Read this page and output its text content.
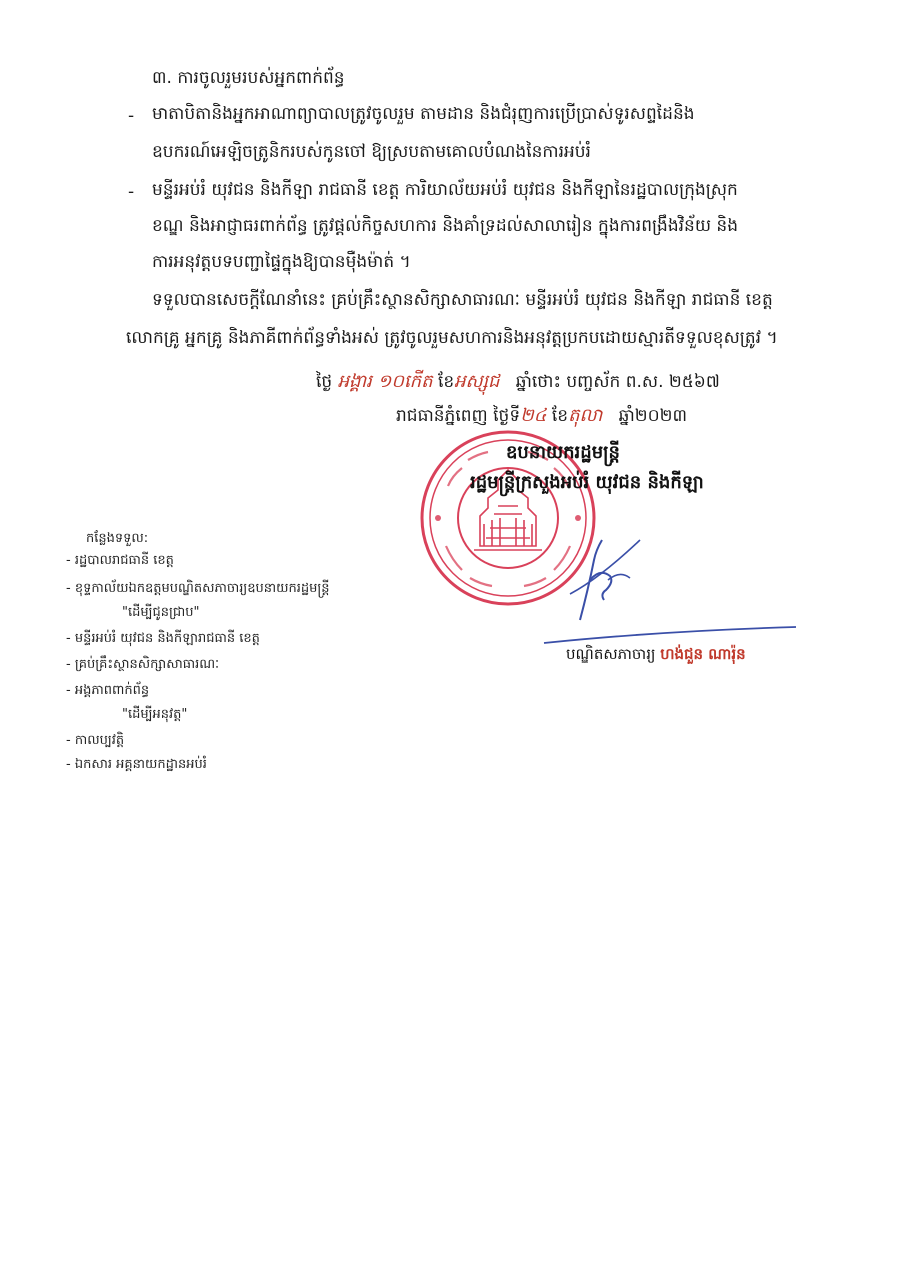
៣. ការចូលរួមរបស់អ្នកពាក់ព័ន្ធ
- មាតាបិតានិងអ្នកអាណាព្យាបាលត្រូវចូលរួម តាមដាន និងជំរុញការប្រើប្រាស់ទូរសព្ទដៃនិង
ឧបករណ៍អេឡិចត្រូនិករបស់កូនចៅ ឱ្យស្របតាមគោលបំណងនៃការអប់រំ
- មន្ទីរអប់រំ យុវជន និងកីឡា រាជធានី ខេត្ត ការិយាល័យអប់រំ យុវជន និងកីឡានៃរដ្ឋបាលក្រុងស្រុក
ខណ្ឌ និងអាជ្ញាធរពាក់ព័ន្ធ ត្រូវផ្តល់កិច្ចសហការ និងគាំទ្រដល់សាលារៀន ក្នុងការពង្រឹងវិន័យ និង
ការអនុវត្តបទបញ្ជាផ្ទៃក្នុងឱ្យបានម៉ឺងម៉ាត់ ។
ទទួលបានសេចក្តីណែនាំនេះ គ្រប់គ្រឹះស្ថានសិក្សាសាធារណៈ មន្ទីរអប់រំ យុវជន និងកីឡា រាជធានី ខេត្ត
លោកគ្រូ អ្នកគ្រូ និងភាគីពាក់ព័ន្ធទាំងអស់ ត្រូវចូលរួមសហការនិងអនុវត្តប្រកបដោយស្មារតីទទួលខុសត្រូវ ។
ថ្ងៃ អង្គារ ១០កើត ខែអស្សុជ ឆ្នាំថោះ បញ្ចស័ក ព.ស. ២៥៦៧
រាជធានីភ្នំពេញ ថ្ងៃទី២៤ ខែតុលា ឆ្នាំ២០២៣
ឧបនាយករដ្ឋមន្ត្រី
រដ្ឋមន្ត្រីក្រសួងអប់រំ យុវជន និងកីឡា
បណ្ឌិតសភាចារ្យ ហង់ជួន ណារ៉ុន
កន្លែងទទួល:
- រដ្ឋបាលរាជធានី ខេត្ត
- ខុទ្ទកាល័យឯកឧត្តមបណ្ឌិតសភាចារ្យឧបនាយករដ្ឋមន្ត្រី
"ដើម្បីជូនជ្រាប"
- មន្ទីរអប់រំ យុវជន និងកីឡារាជធានី ខេត្ត
- គ្រប់គ្រឹះស្ថានសិក្សាសាធារណៈ
- អង្គភាពពាក់ព័ន្ធ
"ដើម្បីអនុវត្ត"
- កាលប្បវត្តិ
- ឯកសារ អគ្គនាយកដ្ឋានអប់រំ
